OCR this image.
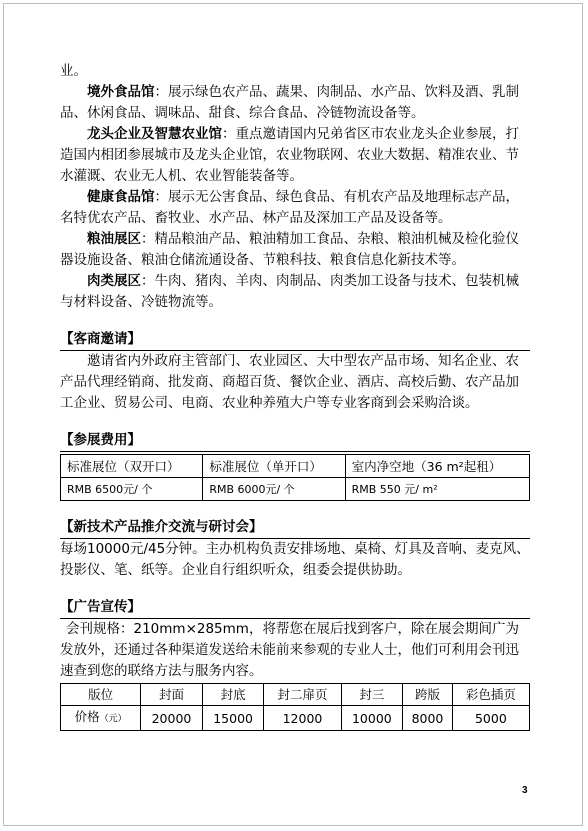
业。

境外食品馆：展示绿色农产品、蔬果、肉制品、水产品、饮料及酒、乳制品、休闲食品、调味品、甜食、综合食品、冷链物流设备等。

龙头企业及智慧农业馆：重点邀请国内兄弟省区市农业龙头企业参展，打造国内相团参展城市及龙头企业馆，农业物联网、农业大数据、精准农业、节水灌溉、农业无人机、农业智能装备等。

健康食品馆：展示无公害食品、绿色食品、有机农产品及地理标志产品，名特优农产品、畜牧业、水产品、林产品及深加工产品及设备等。

粮油展区：精品粮油产品、粮油精加工食品、杂粮、粮油机械及检化验仪器设施设备、粮油仓储流通设备、节粮科技、粮食信息化新技术等。

肉类展区：牛肉、猪肉、羊肉、肉制品、肉类加工设备与技术、包装机械与材料设备、冷链物流等。

【客商邀请】

邀请省内外政府主管部门、农业园区、大中型农产品市场、知名企业、农产品代理经销商、批发商、商超百货、餐饮企业、酒店、高校后勤、农产品加工企业、贸易公司、电商、农业种养殖大户等专业客商到会采购洽谈。

【参展费用】
标准展位（双开口）	标准展位（单开口）	室内净空地（36 m²起租）
RMB 6500元/ 个	RMB 6000元/ 个	RMB 550 元/ m²
【新技术产品推介交流与研讨会】

每场10000元/45分钟。主办机构负责安排场地、桌椅、灯具及音响、麦克风、投影仪、笔、纸等。企业自行组织听众，组委会提供协助。

【广告宣传】

会刊规格：210mm×285mm，将帮您在展后找到客户，除在展会期间广为发放外，还通过各种渠道发送给未能前来参观的专业人士，他们可利用会刊迅速查到您的联络方法与服务内容。

版位	封面	封底	封二扉页	封三	跨版	彩色插页
价格（元）	20000	15000	12000	10000	8000	5000
3
